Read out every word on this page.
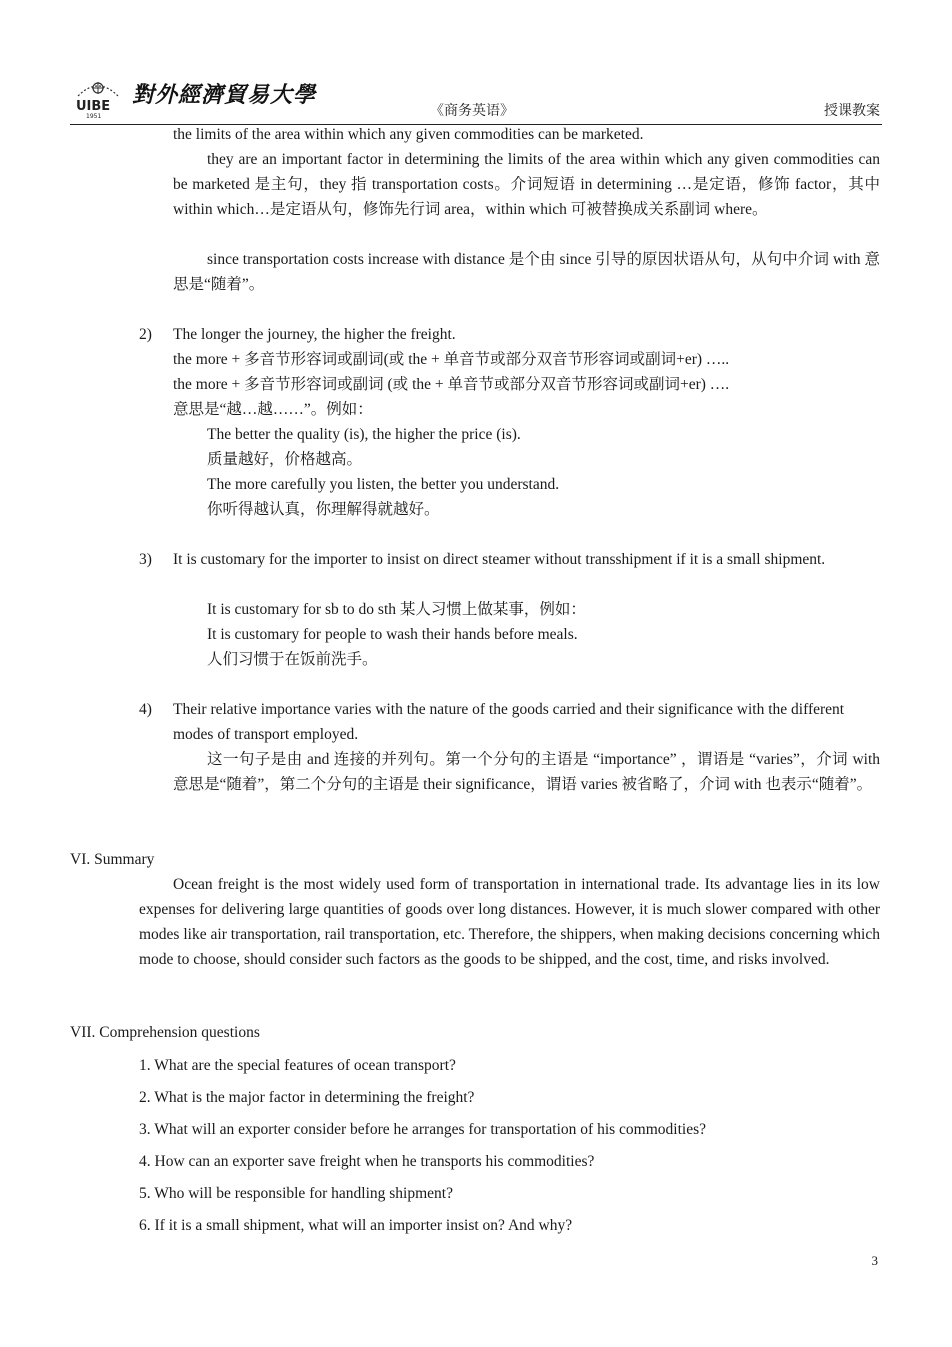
UIBE
1951
對外經濟貿易大學
《商务英语》	授课教案

the limits of the area within which any given commodities can be marketed.

they are an important factor in determining the limits of the area within which any given commodities can be marketed 是主句，they 指 transportation costs。介词短语 in determining …是定语，修饰 factor，其中 within which…是定语从句，修饰先行词 area，within which 可被替换成关系副词 where。

since transportation costs increase with distance 是个由 since 引导的原因状语从句，从句中介词 with 意思是“随着”。

2) The longer the journey, the higher the freight.

the more + 多音节形容词或副词(或 the + 单音节或部分双音节形容词或副词+er) …..

the more + 多音节形容词或副词 (或 the + 单音节或部分双音节形容词或副词+er) ….

意思是“越…越……”。例如：

The better the quality (is), the higher the price (is).

质量越好，价格越高。

The more carefully you listen, the better you understand.

你听得越认真，你理解得就越好。

3) It is customary for the importer to insist on direct steamer without transshipment if it is a small shipment.

It is customary for sb to do sth 某人习惯上做某事，例如：

It is customary for people to wash their hands before meals.

人们习惯于在饭前洗手。

4) Their relative importance varies with the nature of the goods carried and their significance with the different modes of transport employed.

这一句子是由 and 连接的并列句。第一个分句的主语是 “importance” ，谓语是 “varies”，介词 with 意思是“随着”，第二个分句的主语是 their significance，谓语 varies 被省略了，介词 with 也表示“随着”。

VI. Summary

Ocean freight is the most widely used form of transportation in international trade. Its advantage lies in its low expenses for delivering large quantities of goods over long distances. However, it is much slower compared with other modes like air transportation, rail transportation, etc. Therefore, the shippers, when making decisions concerning which mode to choose, should consider such factors as the goods to be shipped, and the cost, time, and risks involved.

VII. Comprehension questions

1. What are the special features of ocean transport?

2. What is the major factor in determining the freight?

3. What will an exporter consider before he arranges for transportation of his commodities?

4. How can an exporter save freight when he transports his commodities?

5. Who will be responsible for handling shipment?

6. If it is a small shipment, what will an importer insist on? And why?

3
